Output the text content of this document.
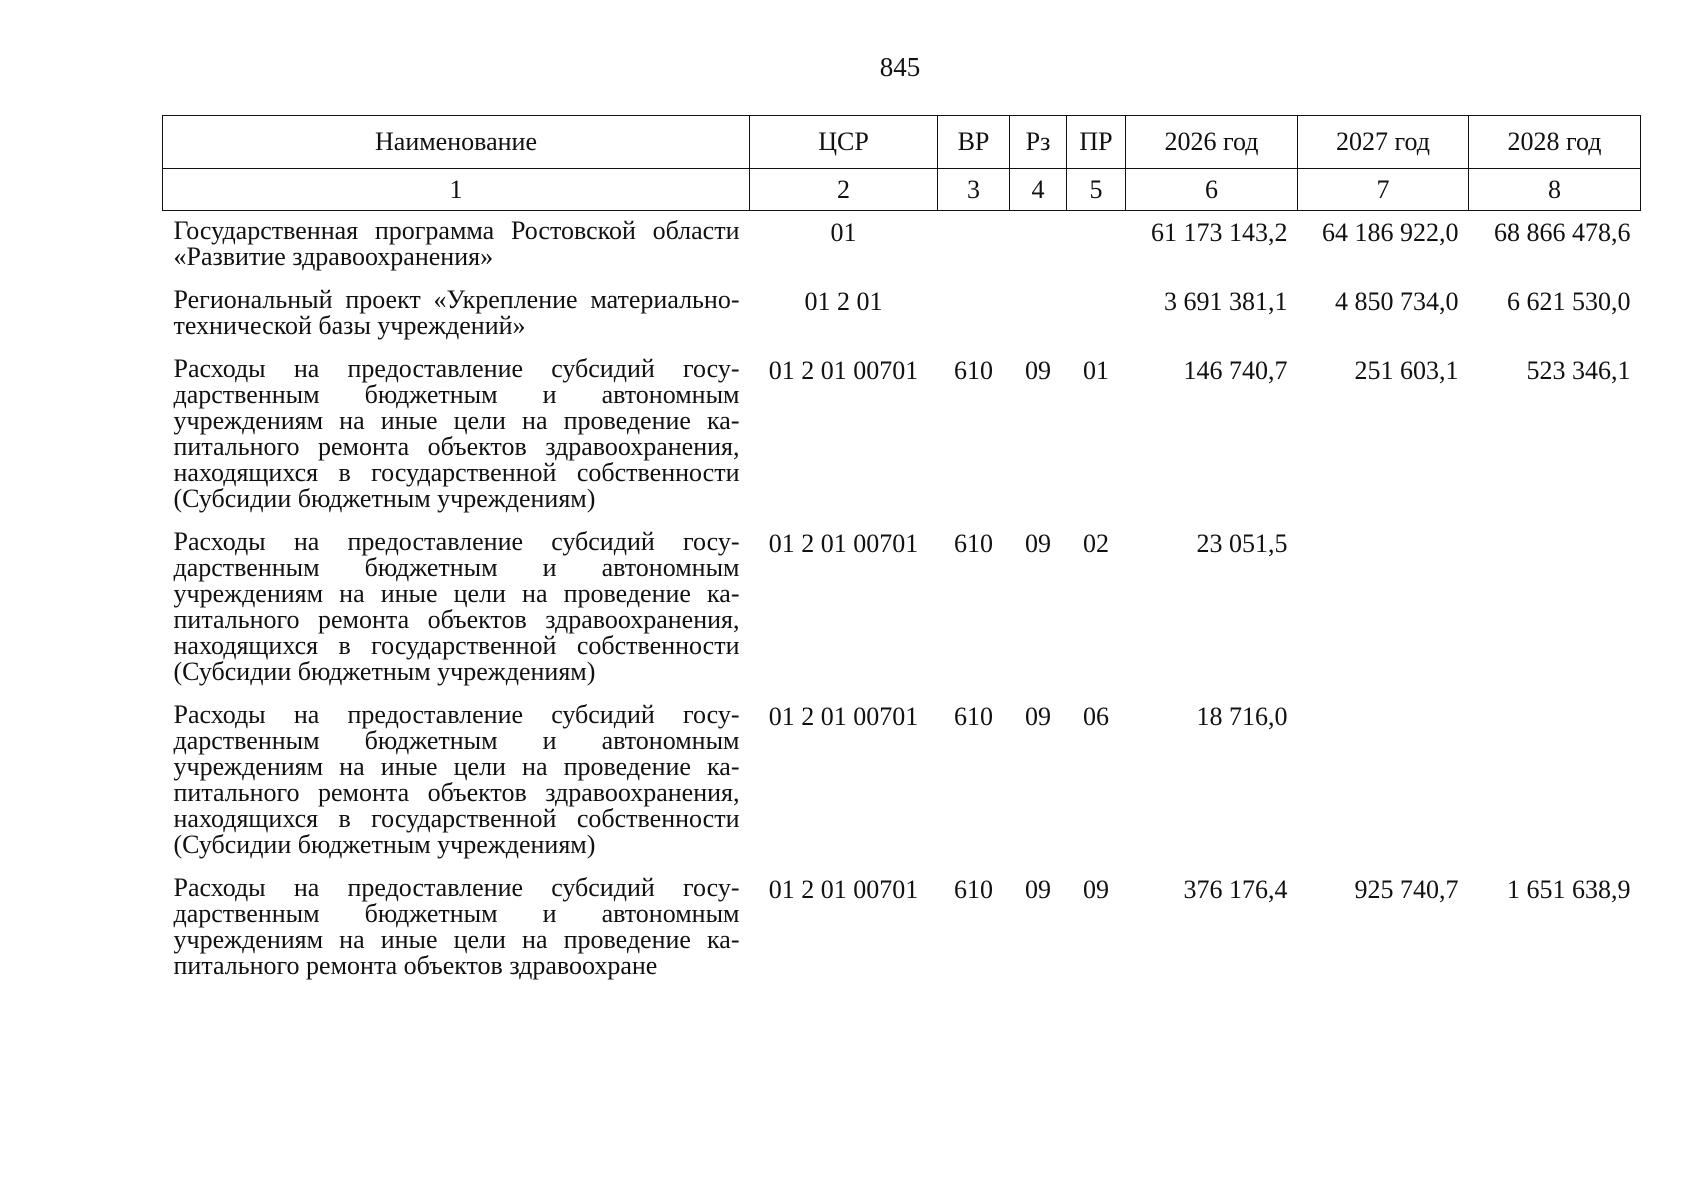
845
Наименование	ЦСР	ВР	Рз	ПР	2026 год	2027 год	2028 год
1	2	3	4	5	6	7	8
Государственная программа Ростовской области «Развитие здравоохранения»	01				61 173 143,2	64 186 922,0	68 866 478,6
Региональный проект «Укрепление материально-технической базы учреждений»	01 2 01				3 691 381,1	4 850 734,0	6 621 530,0
Расходы на предоставление субсидий государственным бюджетным и автономным учреждениям на иные цели на проведение капитального ремонта объектов здравоохранения, находящихся в государственной собственности (Субсидии бюджетным учреждениям)	01 2 01 00701	610	09	01	146 740,7	251 603,1	523 346,1
Расходы на предоставление субсидий государственным бюджетным и автономным учреждениям на иные цели на проведение капитального ремонта объектов здравоохранения, находящихся в государственной собственности (Субсидии бюджетным учреждениям)	01 2 01 00701	610	09	02	23 051,5		
Расходы на предоставление субсидий государственным бюджетным и автономным учреждениям на иные цели на проведение капитального ремонта объектов здравоохранения, находящихся в государственной собственности (Субсидии бюджетным учреждениям)	01 2 01 00701	610	09	06	18 716,0		
Расходы на предоставление субсидий государственным бюджетным и автономным учреждениям на иные цели на проведение капитального ремонта объектов здравоохране	01 2 01 00701	610	09	09	376 176,4	925 740,7	1 651 638,9
